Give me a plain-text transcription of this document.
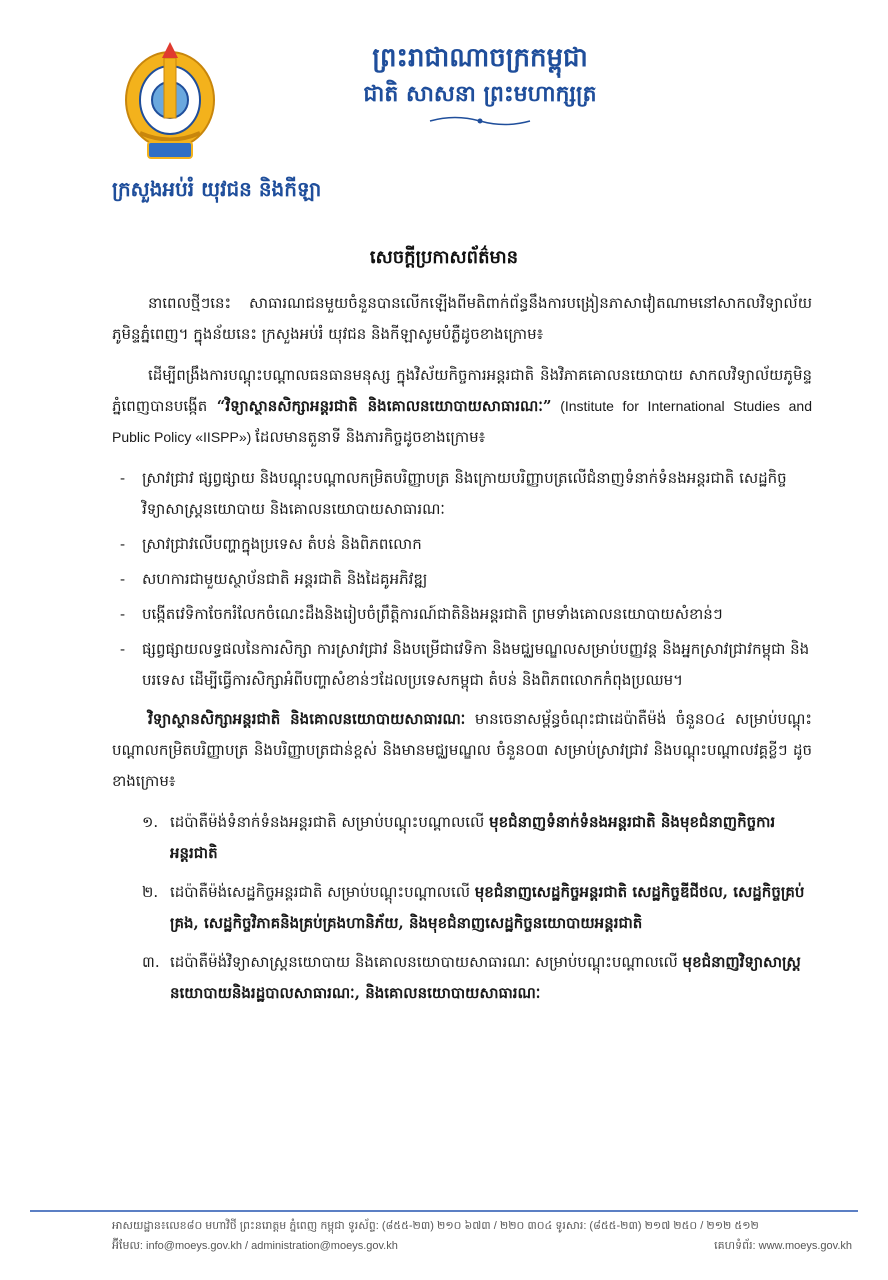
ព្រះរាជាណាចក្រកម្ពុជា
ជាតិ សាសនា ព្រះមហាក្សត្រ
ក្រសួងអប់រំ យុវជន និងកីឡា
សេចក្តីប្រកាសព័ត៌មាន

នាពេលថ្មីៗនេះ សាធារណជនមួយចំនួនបានលើកឡើងពីមតិពាក់ព័ន្ធនឹងការបង្រៀនភាសាវៀតណាមនៅសាកលវិទ្យាល័យភូមិន្ទភ្នំពេញ។ ក្នុងន័យនេះ ក្រសួងអប់រំ យុវជន និងកីឡាសូមបំភ្លឺដូចខាងក្រោម៖

ដើម្បីពង្រឹងការបណ្តុះបណ្តាលធនធានមនុស្ស ក្នុងវិស័យកិច្ចការអន្តរជាតិ និងវិភាគគោលនយោបាយ សាកលវិទ្យាល័យភូមិន្ទភ្នំពេញបានបង្កើត “វិទ្យាស្ថានសិក្សាអន្តរជាតិ និងគោលនយោបាយសាធារណៈ” (Institute for International Studies and Public Policy «IISPP») ដែលមានតួនាទី និងភារកិច្ចដូចខាងក្រោម៖

- ស្រាវជ្រាវ ផ្សព្វផ្សាយ និងបណ្តុះបណ្តាលកម្រិតបរិញ្ញាបត្រ និងក្រោយបរិញ្ញាបត្រលើជំនាញទំនាក់ទំនងអន្តរជាតិ សេដ្ឋកិច្ច វិទ្យាសាស្ត្រនយោបាយ និងគោលនយោបាយសាធារណៈ
- ស្រាវជ្រាវលើបញ្ហាក្នុងប្រទេស តំបន់ និងពិភពលោក
- សហការជាមួយស្ថាប័នជាតិ អន្តរជាតិ និងដៃគូអភិវឌ្ឍ
- បង្កើតវេទិកាចែករំលែកចំណេះដឹងនិងរៀបចំព្រឹត្តិការណ៍ជាតិនិងអន្តរជាតិ ព្រមទាំងគោលនយោបាយសំខាន់ៗ
- ផ្សព្វផ្សាយលទ្ធផលនៃការសិក្សា ការស្រាវជ្រាវ និងបម្រើជាវេទិកា និងមជ្ឈមណ្ឌលសម្រាប់បញ្ញវន្ត និងអ្នកស្រាវជ្រាវកម្ពុជា និងបរទេស ដើម្បីធ្វើការសិក្សាអំពីបញ្ហាសំខាន់ៗដែលប្រទេសកម្ពុជា តំបន់ និងពិភពលោកកំពុងប្រឈម។

វិទ្យាស្ថានសិក្សាអន្តរជាតិ និងគោលនយោបាយសាធារណៈ មានចេនាសម្ព័ន្ធចំណុះជាដេប៉ាតឺម៉ង់ ចំនួន០៤ សម្រាប់បណ្តុះបណ្តាលកម្រិតបរិញ្ញាបត្រ និងបរិញ្ញាបត្រជាន់ខ្ពស់ និងមានមជ្ឈមណ្ឌល ចំនួន០៣ សម្រាប់ស្រាវជ្រាវ និងបណ្តុះបណ្តាលវគ្គខ្លីៗ ដូចខាងក្រោម៖

១. ដេប៉ាតឺម៉ង់ទំនាក់ទំនងអន្តរជាតិ សម្រាប់បណ្តុះបណ្តាលលើ មុខជំនាញទំនាក់ទំនងអន្តរជាតិ និងមុខជំនាញកិច្ចការ អន្តរជាតិ
២. ដេប៉ាតឺម៉ង់សេដ្ឋកិច្ចអន្តរជាតិ សម្រាប់បណ្តុះបណ្តាលលើ មុខជំនាញសេដ្ឋកិច្ចអន្តរជាតិ សេដ្ឋកិច្ចឌីជីថល, សេដ្ឋកិច្ចគ្រប់គ្រង, សេដ្ឋកិច្ចវិភាគនិងគ្រប់គ្រងហានិភ័យ, និងមុខជំនាញសេដ្ឋកិច្ចនយោបាយអន្តរជាតិ
៣. ដេប៉ាតឺម៉ង់វិទ្យាសាស្ត្រនយោបាយ និងគោលនយោបាយសាធារណៈ សម្រាប់បណ្តុះបណ្តាលលើ មុខជំនាញវិទ្យាសាស្ត្រនយោបាយនិងរដ្ឋបាលសាធារណៈ, និងគោលនយោបាយសាធារណៈ
អាសយដ្ឋាន៖លេខ៨០ មហាវិថី ព្រះនរោត្តម ភ្នំពេញ កម្ពុជា ទូរស័ព្ទ: (៨៥៥-២៣) ២១០ ៦៧៣ / ២២០ ៣០៤ ទូរសារ: (៨៥៥-២៣) ២១៧ ២៥០ / ២១២ ៥១២
អ៊ីមែល: info@moeys.gov.kh / administration@moeys.gov.kh	គេហទំព័រ: www.moeys.gov.kh
